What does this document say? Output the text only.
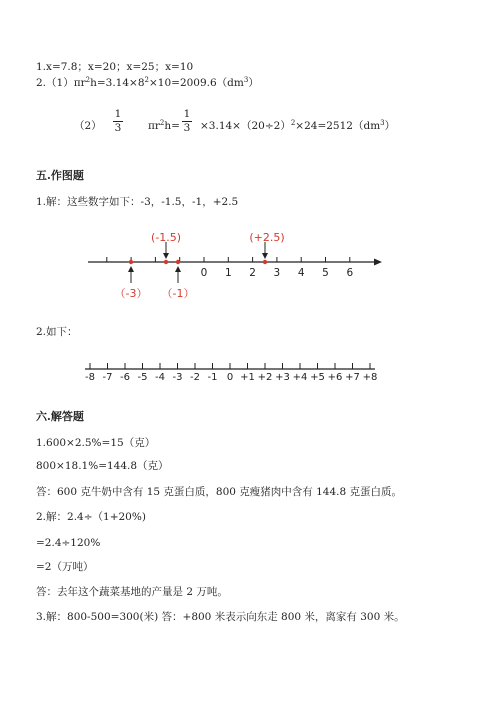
1.x=7.8；x=20；x=25；x=10
$2.(1)\pi r^2h=3.14\times 8^2\times 10=2009.6(dm^3)$
（2）
1
3	$\pi r^2h=$
1
$3 \times 3.14\times(20\div 2)^2\times 24=2512(dm^3)$
五.作图题
1.解：这些数字如下：-3，-1.5，-1，+2.5
0 1 2 3 4 5 6
(-1.5)	(+2.5)
（-3） （-1）
2.如下：
-8 -7 -6 -5 -4 -3 -2 -1 0 +1 +2 +3 +4 +5 +6 +7 +8
六.解答题
1.600×2.5%=15（克）
800×18.1%=144.8（克）
答：600 克牛奶中含有 15 克蛋白质，800 克瘦猪肉中含有 144.8 克蛋白质。
2.解：2.4÷（1+20%)
=2.4÷120%
=2（万吨）
答：去年这个蔬菜基地的产量是 2 万吨。
3.解：800-500=300(米) 答：+800 米表示向东走 800 米，离家有 300 米。
